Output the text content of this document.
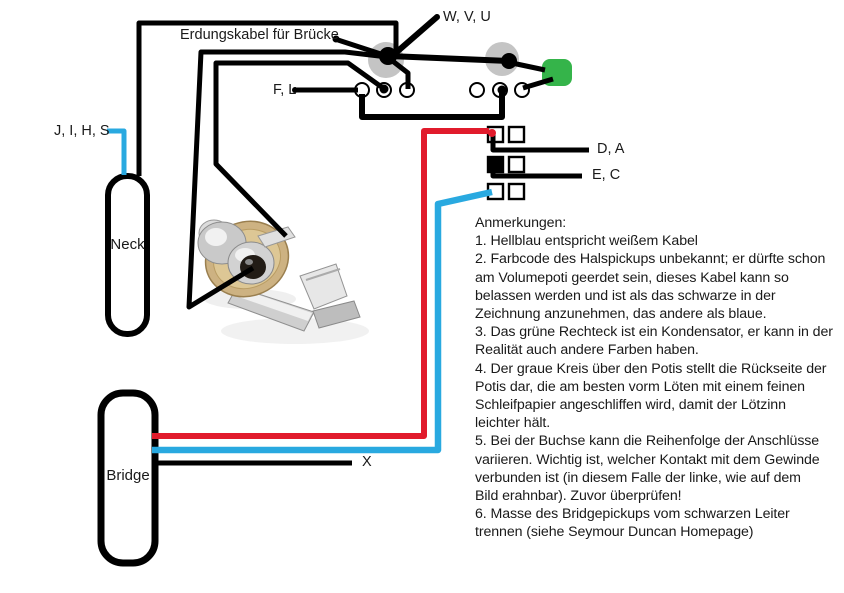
Erdungskabel für Brücke
W, V, U
F, L
J, I, H, S
D, A
E, C
X
Neck
Bridge
Anmerkungen:
1. Hellblau entspricht weißem Kabel
2. Farbcode des Halspickups unbekannt; er dürfte schon
am Volumepoti geerdet sein, dieses Kabel kann so
belassen werden und ist als das schwarze in der
Zeichnung anzunehmen, das andere als blaue.
3. Das grüne Rechteck ist ein Kondensator, er kann in der
Realität auch andere Farben haben.
4. Der graue Kreis über den Potis stellt die Rückseite der
Potis dar, die am besten vorm Löten mit einem feinen
Schleifpapier angeschliffen wird, damit der Lötzinn
leichter hält.
5. Bei der Buchse kann die Reihenfolge der Anschlüsse
variieren. Wichtig ist, welcher Kontakt mit dem Gewinde
verbunden ist (in diesem Falle der linke, wie auf dem
Bild erahnbar). Zuvor überprüfen!
6. Masse des Bridgepickups vom schwarzen Leiter
trennen (siehe Seymour Duncan Homepage)
